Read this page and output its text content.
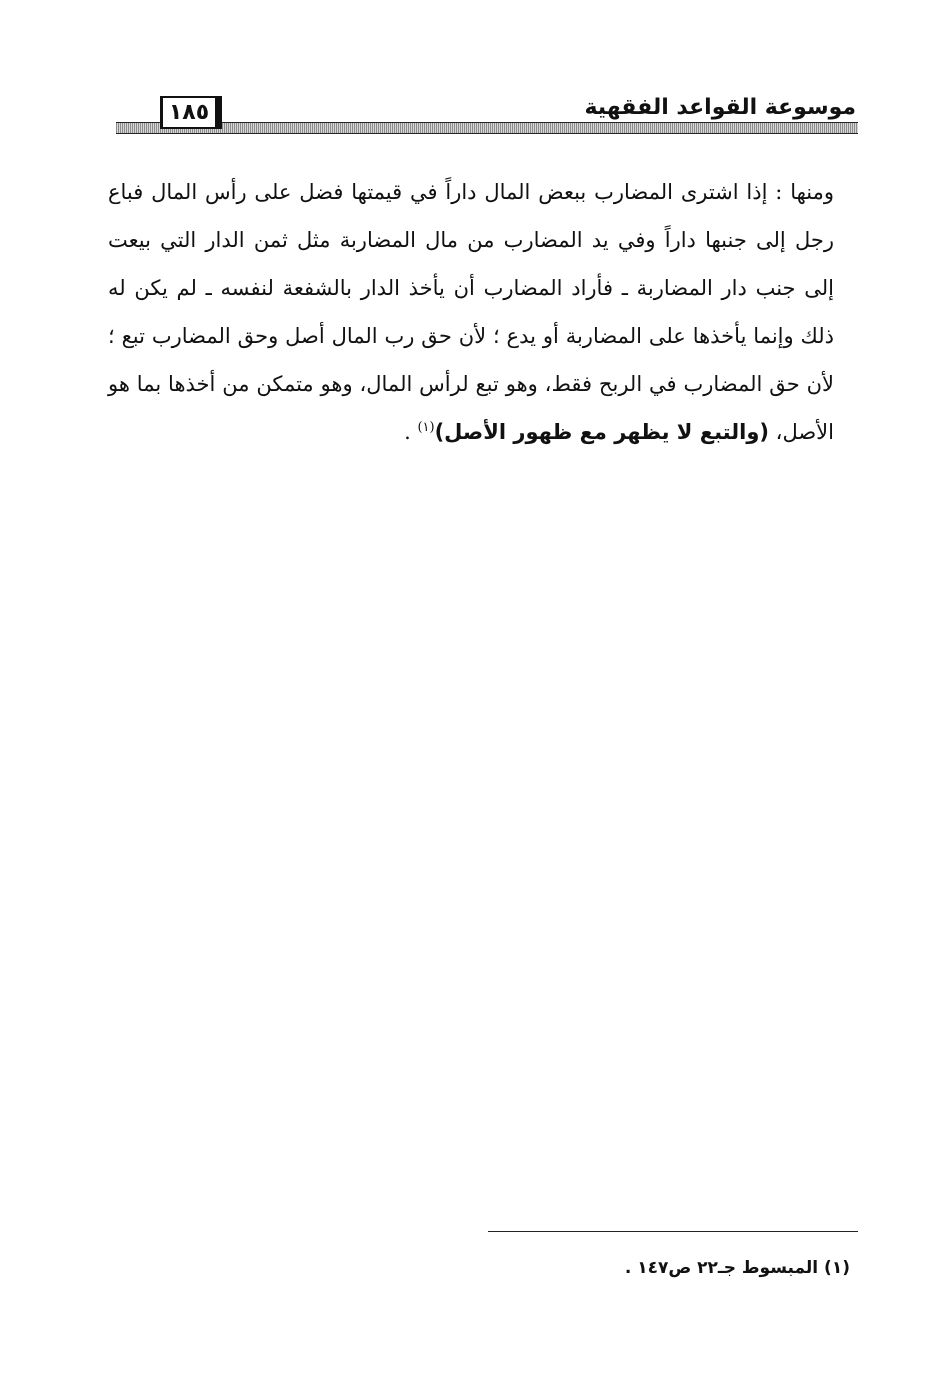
١٨٥	موسوعة القواعد الفقهية

ومنها : إذا اشترى المضارب ببعض المال داراً في قيمتها فضل على رأس المال فباع رجل إلى جنبها داراً وفي يد المضارب من مال المضاربة مثل ثمن الدار التي بيعت إلى جنب دار المضاربة ـ فأراد المضارب أن يأخذ الدار بالشفعة لنفسه ـ لم يكن له ذلك وإنما يأخذها على المضاربة أو يدع ؛ لأن حق رب المال أصل وحق المضارب تبع ؛ لأن حق المضارب في الربح فقط، وهو تبع لرأس المال، وهو متمكن من أخذها بما هو الأصل، (والتبع لا يظهر مع ظهور الأصل)$^{(١)}$ .

(١)المبسوط جـ٢٢ ص١٤٧ .
